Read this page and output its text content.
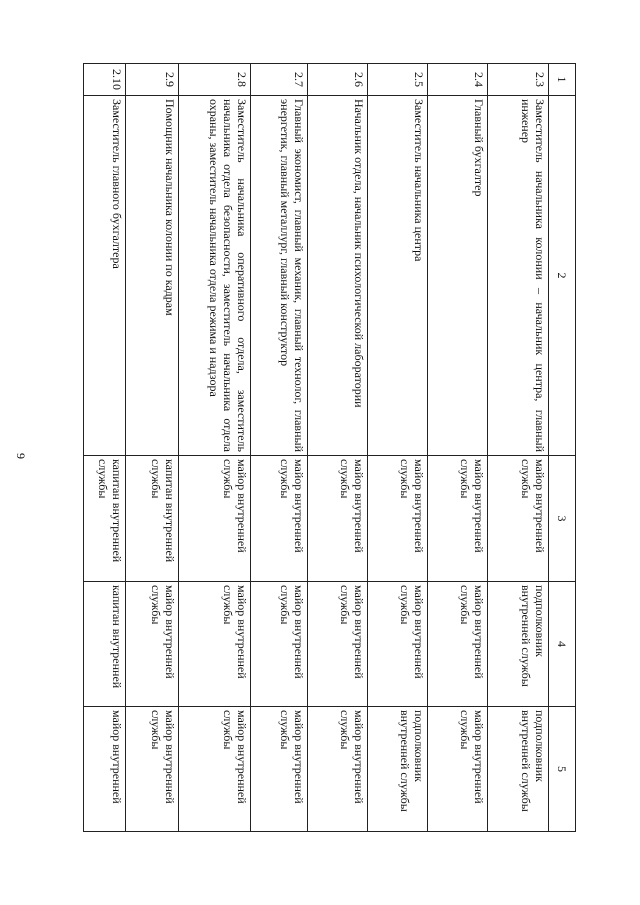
9
1	2	3	4	5
2.3	Заместитель начальника колонии – начальник центра, главный инженер	майор внутренней службы	подполковник внутренней службы	подполковник внутренней службы
2.4	Главный бухгалтер	майор внутренней службы	майор внутренней службы	майор внутренней службы
2.5	Заместитель начальника центра	майор внутренней службы	майор внутренней службы	подполковник внутренней службы
2.6	Начальник отдела, начальник психологической лаборатории	майор внутренней службы	майор внутренней службы	майор внутренней службы
2.7	Главный экономист, главный механик, главный технолог, главный энергетик, главный металлург, главный конструктор	майор внутренней службы	майор внутренней службы	майор внутренней службы
2.8	Заместитель начальника оперативного отдела, заместитель начальника отдела безопасности, заместитель начальника отдела охраны, заместитель начальника отдела режима и надзора	майор внутренней службы	майор внутренней службы	майор внутренней службы
2.9	Помощник начальника колонии по кадрам	капитан внутренней службы	майор внутренней службы	майор внутренней службы
2.10	Заместитель главного бухгалтера	капитан внутренней службы	капитан внутренней	майор внутренней
